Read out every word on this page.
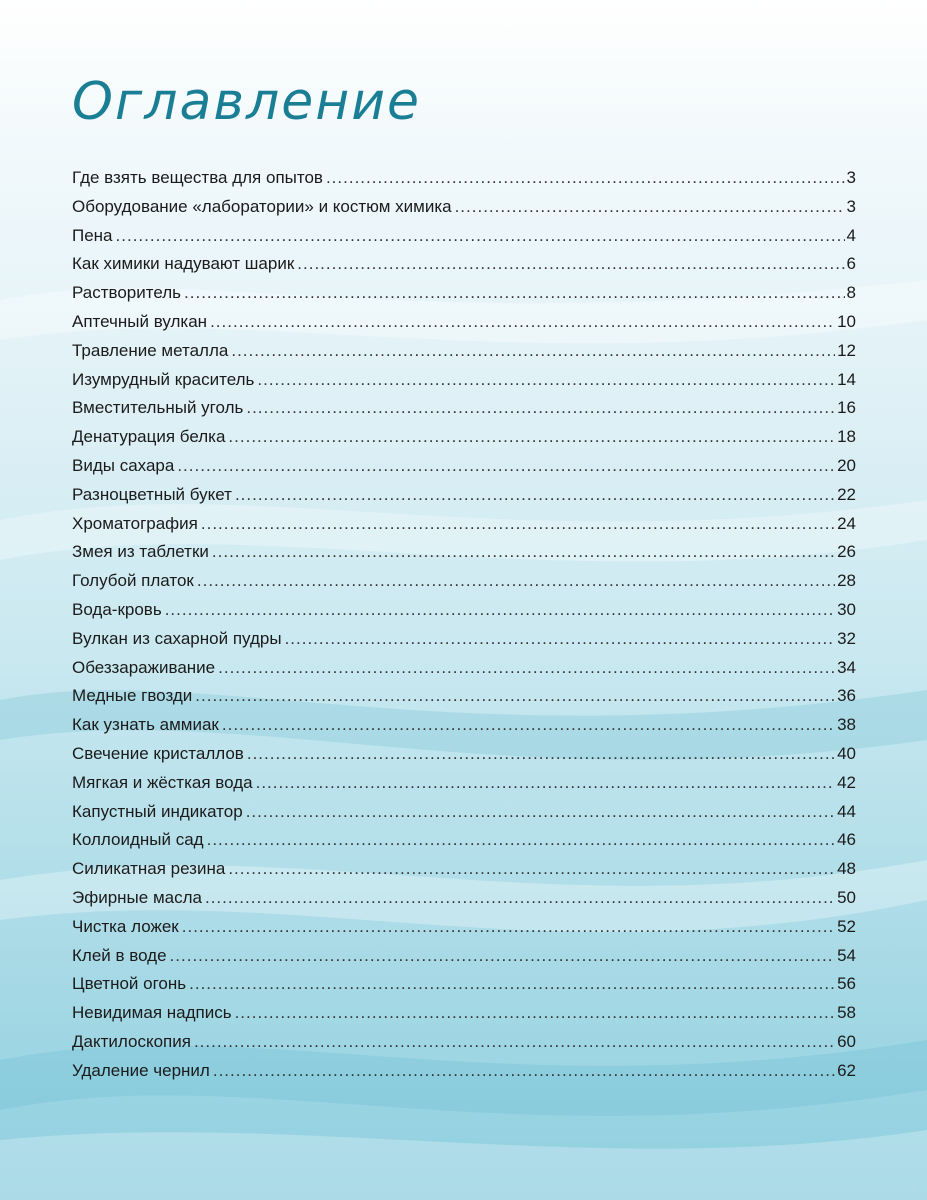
Оглавление
Где взять вещества для опытов .....	3
Оборудование «лаборатории» и костюм химика .....	3
Пена .....	4
Как химики надувают шарик .....	6
Растворитель .....	8
Аптечный вулкан .....	10
Травление металла .....	12
Изумрудный краситель .....	14
Вместительный уголь .....	16
Денатурация белка .....	18
Виды сахара .....	20
Разноцветный букет .....	22
Хроматография .....	24
Змея из таблетки .....	26
Голубой платок .....	28
Вода-кровь .....	30
Вулкан из сахарной пудры .....	32
Обеззараживание .....	34
Медные гвозди .....	36
Как узнать аммиак .....	38
Свечение кристаллов .....	40
Мягкая и жёсткая вода .....	42
Капустный индикатор .....	44
Коллоидный сад .....	46
Силикатная резина .....	48
Эфирные масла .....	50
Чистка ложек .....	52
Клей в воде .....	54
Цветной огонь .....	56
Невидимая надпись .....	58
Дактилоскопия .....	60
Удаление чернил .....	62
